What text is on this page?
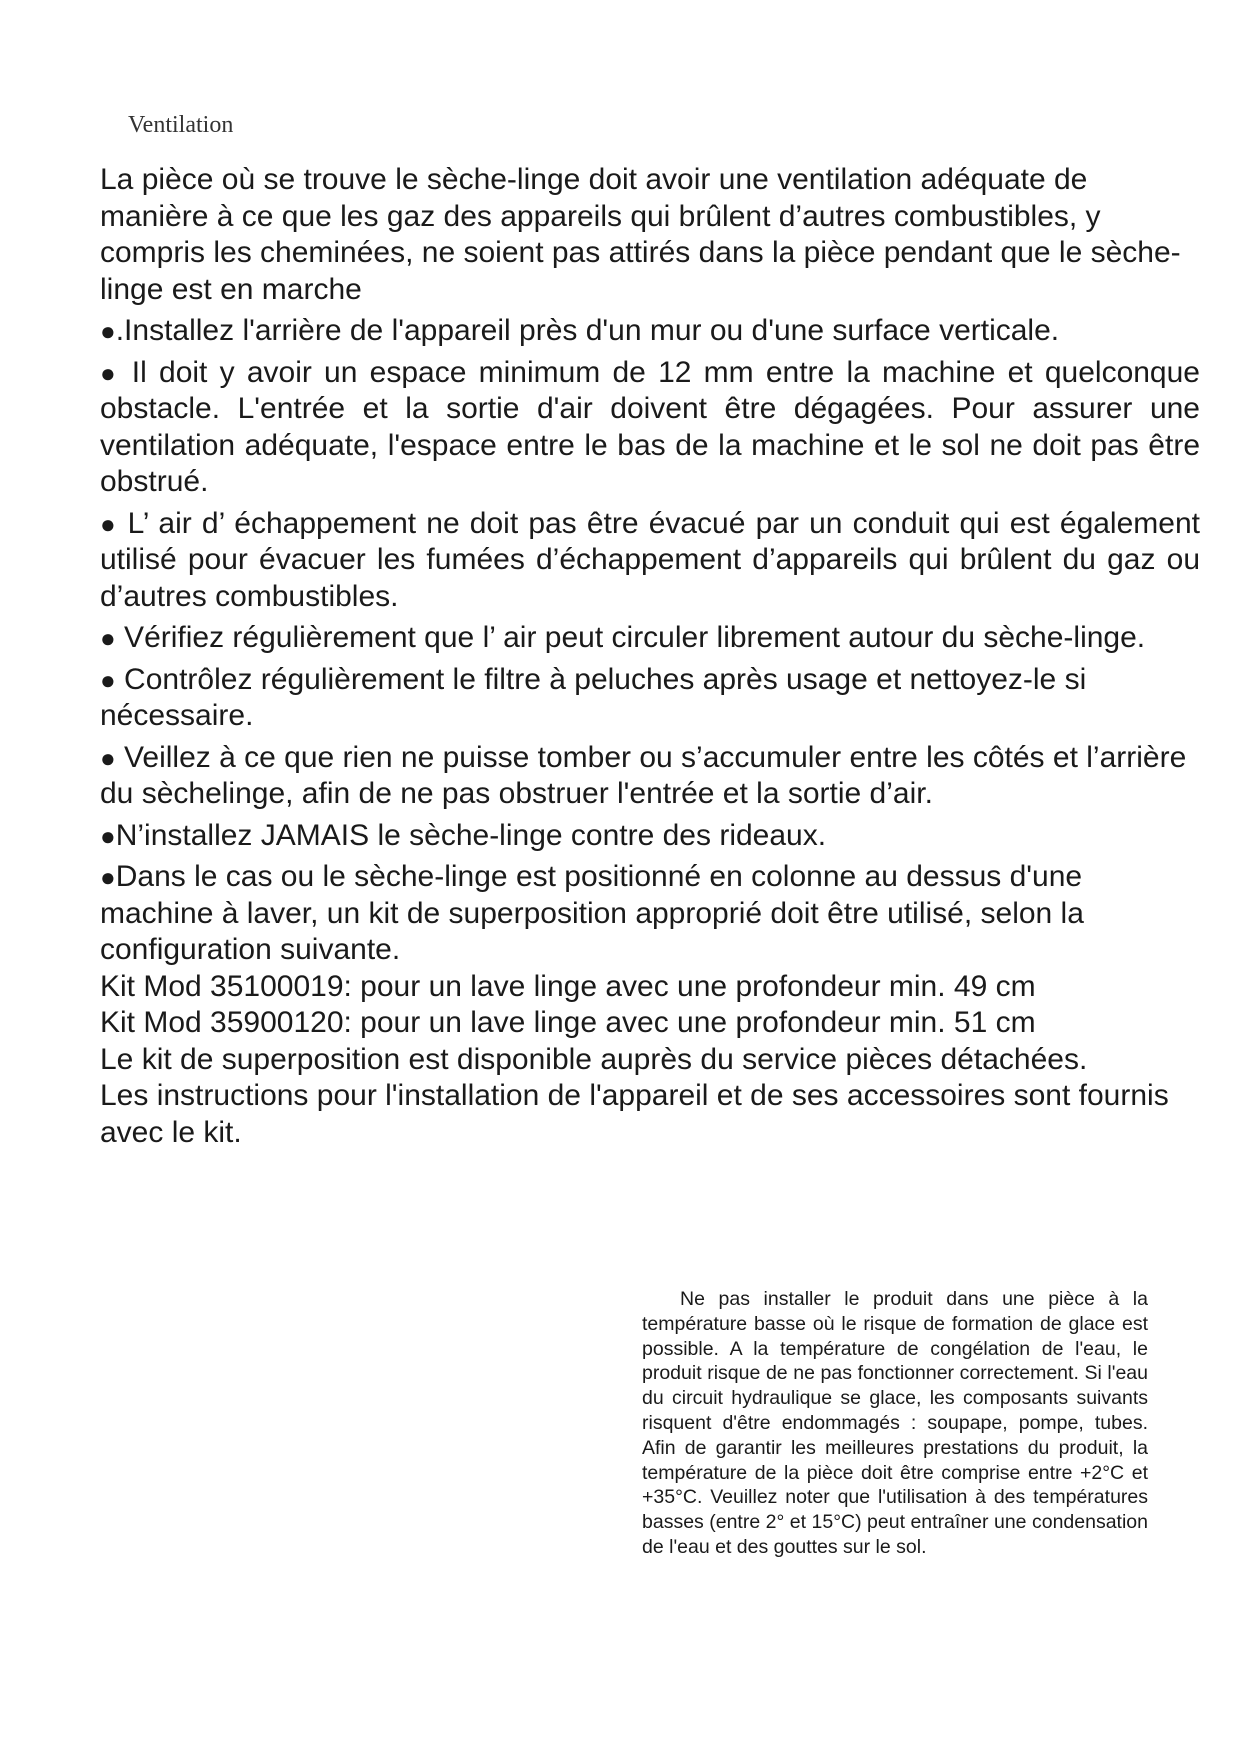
Ventilation

La pièce où se trouve le sèche-linge doit avoir une ventilation adéquate de manière à ce que les gaz des appareils qui brûlent d’autres combustibles, y compris les cheminées, ne soient pas attirés dans la pièce pendant que le sèche-linge est en marche

●.Installez l'arrière de l'appareil près d'un mur ou d'une surface verticale.

● Il doit y avoir un espace minimum de 12 mm entre la machine et quelconque obstacle. L'entrée et la sortie d'air doivent être dégagées. Pour assurer une ventilation adéquate, l'espace entre le bas de la machine et le sol ne doit pas être obstrué.

● L’ air d’ échappement ne doit pas être évacué par un conduit qui est également utilisé pour évacuer les fumées d’échappement d’appareils qui brûlent du gaz ou d’autres combustibles.

● Vérifiez régulièrement que l’ air peut circuler librement autour du sèche-linge.

● Contrôlez régulièrement le filtre à peluches après usage et nettoyez-le si nécessaire.

● Veillez à ce que rien ne puisse tomber ou s’accumuler entre les côtés et l’arrière du sèchelinge, afin de ne pas obstruer l'entrée et la sortie d’air.

●N’installez JAMAIS le sèche-linge contre des rideaux.

●Dans le cas ou le sèche-linge est positionné en colonne au dessus d'une machine à laver, un kit de superposition approprié doit être utilisé, selon la configuration suivante.

Kit Mod 35100019: pour un lave linge avec une profondeur min. 49 cm

Kit Mod 35900120: pour un lave linge avec une profondeur min. 51 cm

Le kit de superposition est disponible auprès du service pièces détachées.

Les instructions pour l'installation de l'appareil et de ses accessoires sont fournis avec le kit.

Ne pas installer le produit dans une pièce à la température basse où le risque de formation de glace est possible. A la température de congélation de l'eau, le produit risque de ne pas fonctionner correctement. Si l'eau du circuit hydraulique se glace, les composants suivants risquent d'être endommagés : soupape, pompe, tubes. Afin de garantir les meilleures prestations du produit, la température de la pièce doit être comprise entre +2°C et +35°C. Veuillez noter que l'utilisation à des températures basses (entre 2° et 15°C) peut entraîner une condensation de l'eau et des gouttes sur le sol.
